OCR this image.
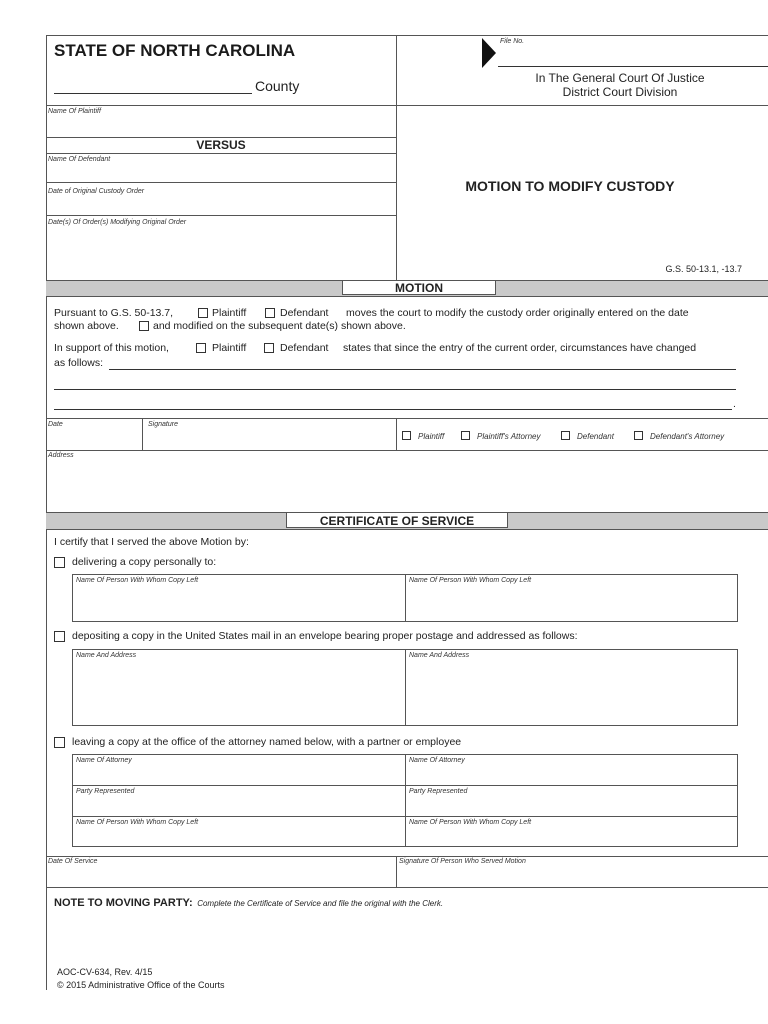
STATE OF NORTH CAROLINA
County
File No.
In The General Court Of Justice
District Court Division
Name Of Plaintiff
VERSUS
Name Of Defendant
Date of Original Custody Order
Date(s) Of Order(s) Modifying Original Order
MOTION TO MODIFY CUSTODY
G.S. 50-13.1, -13.7
MOTION
Pursuant to G.S. 50-13.7,	Plaintiff	Defendant moves the court to modify the custody order originally entered on the date
shown above.	and modified on the subsequent date(s) shown above.
In support of this motion,	Plaintiff	Defendant states that since the entry of the current order, circumstances have changed
as follows:
.
Date	Signature
Plaintiff	Plaintiff's Attorney	Defendant	Defendant's Attorney
Address
CERTIFICATE OF SERVICE
I certify that I served the above Motion by:
delivering a copy personally to:
Name Of Person With Whom Copy Left	Name Of Person With Whom Copy Left
depositing a copy in the United States mail in an envelope bearing proper postage and addressed as follows:
Name And Address	Name And Address
leaving a copy at the office of the attorney named below, with a partner or employee
Name Of Attorney	Name Of Attorney
Party Represented	Party Represented
Name Of Person With Whom Copy Left	Name Of Person With Whom Copy Left
Date Of Service	Signature Of Person Who Served Motion
NOTE TO MOVING PARTY: Complete the Certificate of Service and file the original with the Clerk.
AOC-CV-634, Rev. 4/15
© 2015 Administrative Office of the Courts
